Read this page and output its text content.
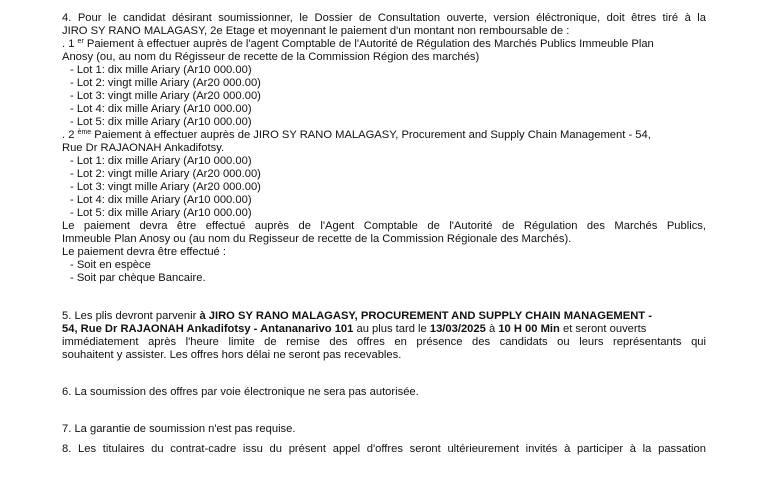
4. Pour le candidat désirant soumissionner, le Dossier de Consultation ouverte, version éléctronique, doit êtres tiré à la
JIRO SY RANO MALAGASY, 2e Etage et moyennant le paiement d'un montant non remboursable de :
. 1 $^{er}$ Paiement à effectuer auprès de l'agent Comptable de l'Autorité de Régulation des Marchés Publics Immeuble Plan
Anosy (ou, au nom du Régisseur de recette de la Commission Région des marchés)
- Lot 1: dix mille Ariary (Ar10 000.00)
- Lot 2: vingt mille Ariary (Ar20 000.00)
- Lot 3: vingt mille Ariary (Ar20 000.00)
- Lot 4: dix mille Ariary (Ar10 000.00)
- Lot 5: dix mille Ariary (Ar10 000.00)
. 2 $^{ème}$ Paiement à effectuer auprès de JIRO SY RANO MALAGASY, Procurement and Supply Chain Management - 54,
Rue Dr RAJAONAH Ankadifotsy.
- Lot 1: dix mille Ariary (Ar10 000.00)
- Lot 2: vingt mille Ariary (Ar20 000.00)
- Lot 3: vingt mille Ariary (Ar20 000.00)
- Lot 4: dix mille Ariary (Ar10 000.00)
- Lot 5: dix mille Ariary (Ar10 000.00)
Le paiement devra être effectué auprès de l'Agent Comptable de l'Autorité de Régulation des Marchés Publics,
Immeuble Plan Anosy ou (au nom du Regisseur de recette de la Commission Régionale des Marchés).
Le paiement devra être effectué :
- Soit en espèce
- Soit par chèque Bancaire.
5. Les plis devront parvenir à JIRO SY RANO MALAGASY, PROCUREMENT AND SUPPLY CHAIN MANAGEMENT -
54, Rue Dr RAJAONAH Ankadifotsy - Antananarivo 101 au plus tard le 13/03/2025 à 10 H 00 Min et seront ouverts
immédiatement après l'heure limite de remise des offres en présence des candidats ou leurs représentants qui
souhaitent y assister. Les offres hors délai ne seront pas recevables.
6. La soumission des offres par voie électronique ne sera pas autorisée.
7. La garantie de soumission n'est pas requise.
8. Les titulaires du contrat-cadre issu du présent appel d'offres seront ultérieurement invités à participer à la passation
